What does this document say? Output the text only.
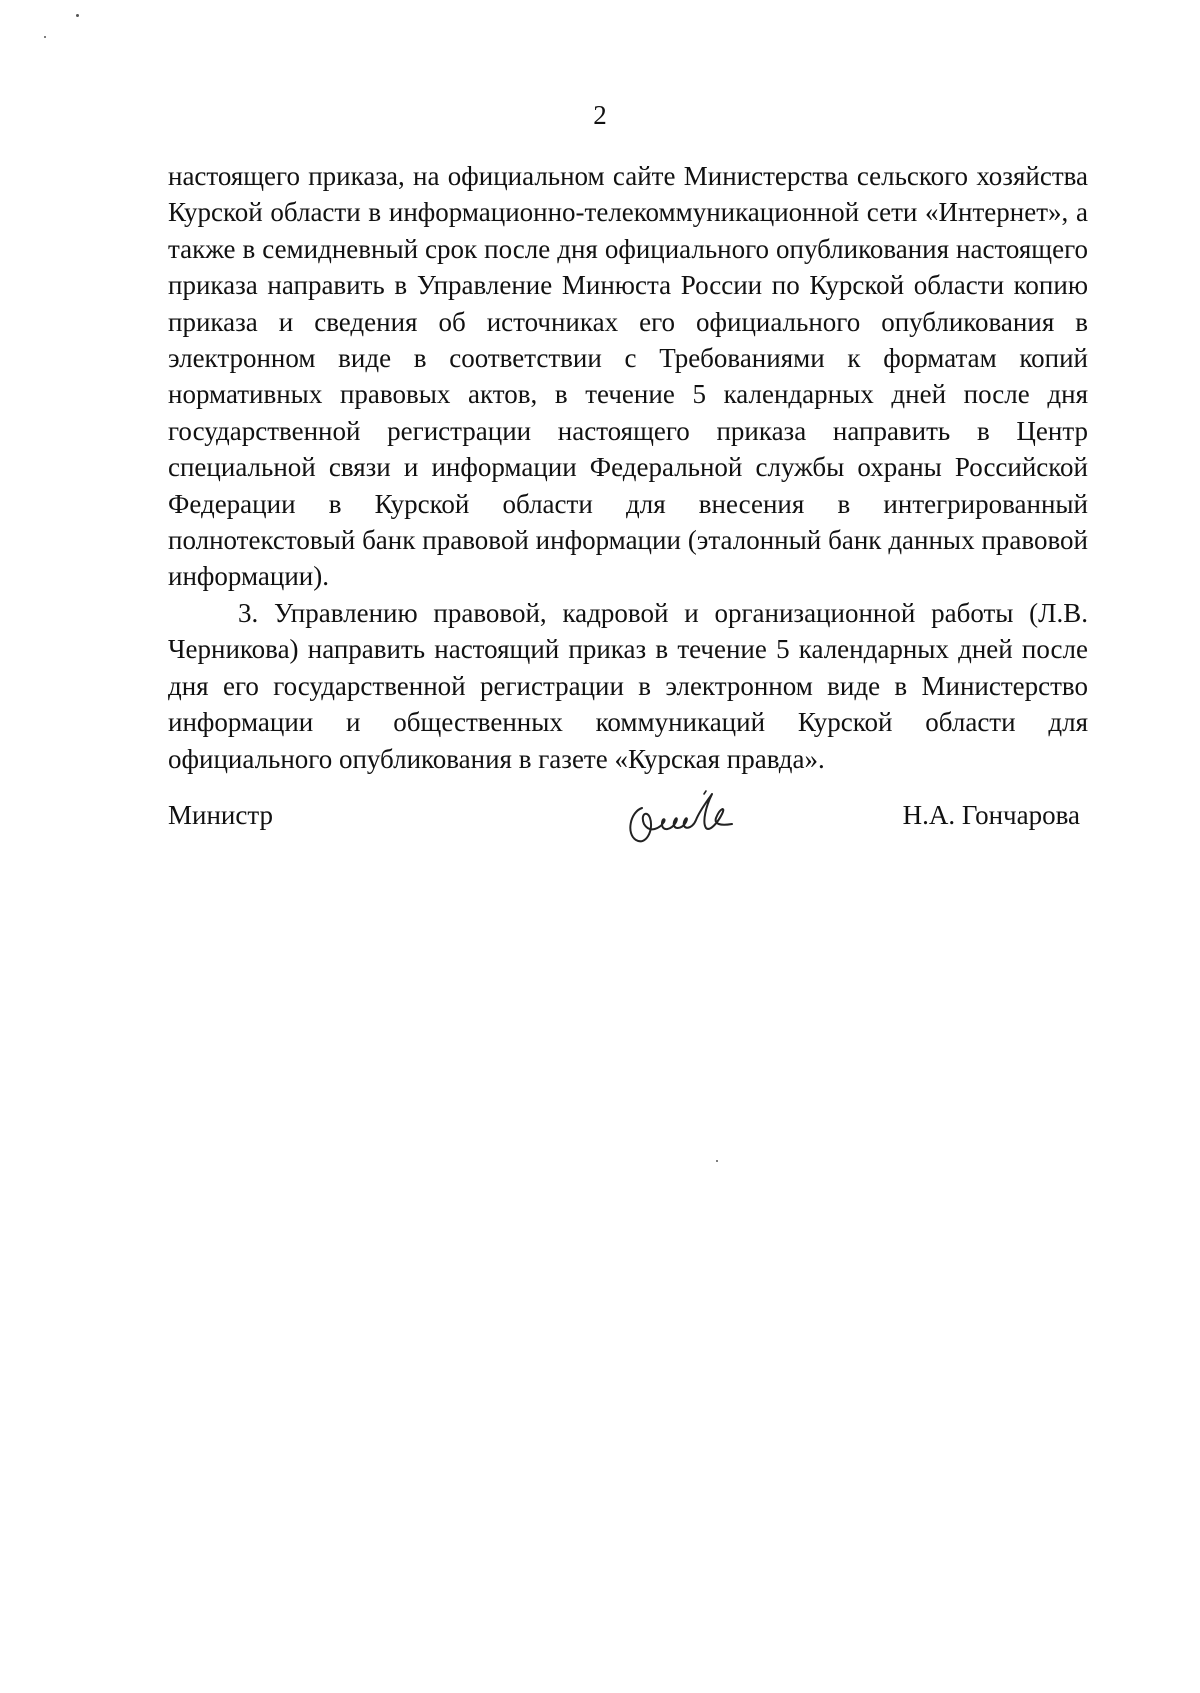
2

настоящего приказа, на официальном сайте Министерства сельского хозяйства Курской области в информационно-телекоммуникационной сети «Интернет», а также в семидневный срок после дня официального опубликования настоящего приказа направить в Управление Минюста России по Курской области копию приказа и сведения об источниках его официального опубликования в электронном виде в соответствии с Требованиями к форматам копий нормативных правовых актов, в течение 5 календарных дней после дня государственной регистрации настоящего приказа направить в Центр специальной связи и информации Федеральной службы охраны Российской Федерации в Курской области для внесения в интегрированный полнотекстовый банк правовой информации (эталонный банк данных правовой информации).

3. Управлению правовой, кадровой и организационной работы (Л.В. Черникова) направить настоящий приказ в течение 5 календарных дней после дня его государственной регистрации в электронном виде в Министерство информации и общественных коммуникаций Курской области для официального опубликования в газете «Курская правда».

Министр	Н.А. Гончарова
